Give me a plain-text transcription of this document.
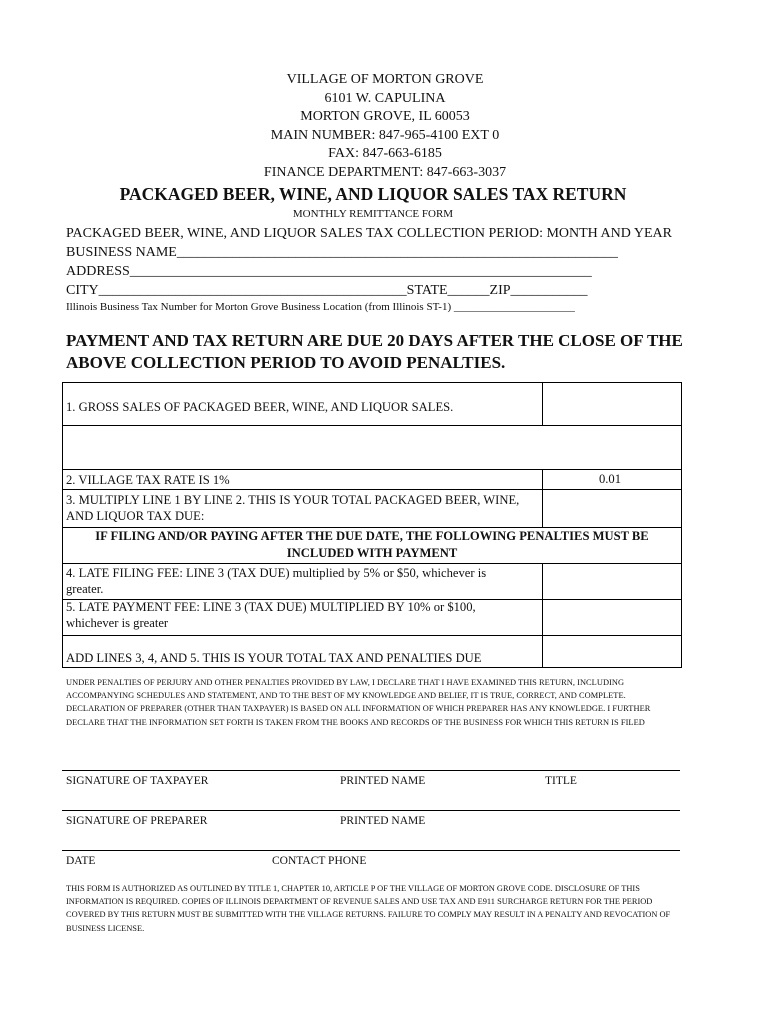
VILLAGE OF MORTON GROVE
6101 W. CAPULINA
MORTON GROVE, IL 60053
MAIN NUMBER: 847-965-4100 EXT 0
FAX: 847-663-6185
FINANCE DEPARTMENT: 847-663-3037
PACKAGED BEER, WINE, AND LIQUOR SALES TAX RETURN
MONTHLY REMITTANCE FORM
PACKAGED BEER, WINE, AND LIQUOR SALES TAX COLLECTION PERIOD: MONTH AND YEAR
BUSINESS NAME_______________________________________________________________
ADDRESS__________________________________________________________________
CITY____________________________________________STATE______ZIP___________
Illinois Business Tax Number for Morton Grove Business Location (from Illinois ST-1) ______________________
PAYMENT AND TAX RETURN ARE DUE 20 DAYS AFTER THE CLOSE OF THE ABOVE COLLECTION PERIOD TO AVOID PENALTIES.
1. GROSS SALES OF PACKAGED BEER, WINE, AND LIQUOR SALES.
2. VILLAGE TAX RATE IS 1%	0.01
3. MULTIPLY LINE 1 BY LINE 2. THIS IS YOUR TOTAL PACKAGED BEER, WINE, AND LIQUOR TAX DUE:
IF FILING AND/OR PAYING AFTER THE DUE DATE, THE FOLLOWING PENALTIES MUST BE INCLUDED WITH PAYMENT
4. LATE FILING FEE: LINE 3 (TAX DUE) multiplied by 5% or $50, whichever is greater.
5. LATE PAYMENT FEE: LINE 3 (TAX DUE) MULTIPLIED BY 10% or $100, whichever is greater
ADD LINES 3, 4, AND 5. THIS IS YOUR TOTAL TAX AND PENALTIES DUE
UNDER PENALTIES OF PERJURY AND OTHER PENALTIES PROVIDED BY LAW, I DECLARE THAT I HAVE EXAMINED THIS RETURN, INCLUDING ACCOMPANYING SCHEDULES AND STATEMENT, AND TO THE BEST OF MY KNOWLEDGE AND BELIEF, IT IS TRUE, CORRECT, AND COMPLETE. DECLARATION OF PREPARER (OTHER THAN TAXPAYER) IS BASED ON ALL INFORMATION OF WHICH PREPARER HAS ANY KNOWLEDGE. I FURTHER DECLARE THAT THE INFORMATION SET FORTH IS TAKEN FROM THE BOOKS AND RECORDS OF THE BUSINESS FOR WHICH THIS RETURN IS FILED
SIGNATURE OF TAXPAYER	PRINTED NAME	TITLE
SIGNATURE OF PREPARER	PRINTED NAME
DATE	CONTACT PHONE
THIS FORM IS AUTHORIZED AS OUTLINED BY TITLE 1, CHAPTER 10, ARTICLE P OF THE VILLAGE OF MORTON GROVE CODE. DISCLOSURE OF THIS INFORMATION IS REQUIRED. COPIES OF ILLINOIS DEPARTMENT OF REVENUE SALES AND USE TAX AND E911 SURCHARGE RETURN FOR THE PERIOD COVERED BY THIS RETURN MUST BE SUBMITTED WITH THE VILLAGE RETURNS. FAILURE TO COMPLY MAY RESULT IN A PENALTY AND REVOCATION OF BUSINESS LICENSE.
